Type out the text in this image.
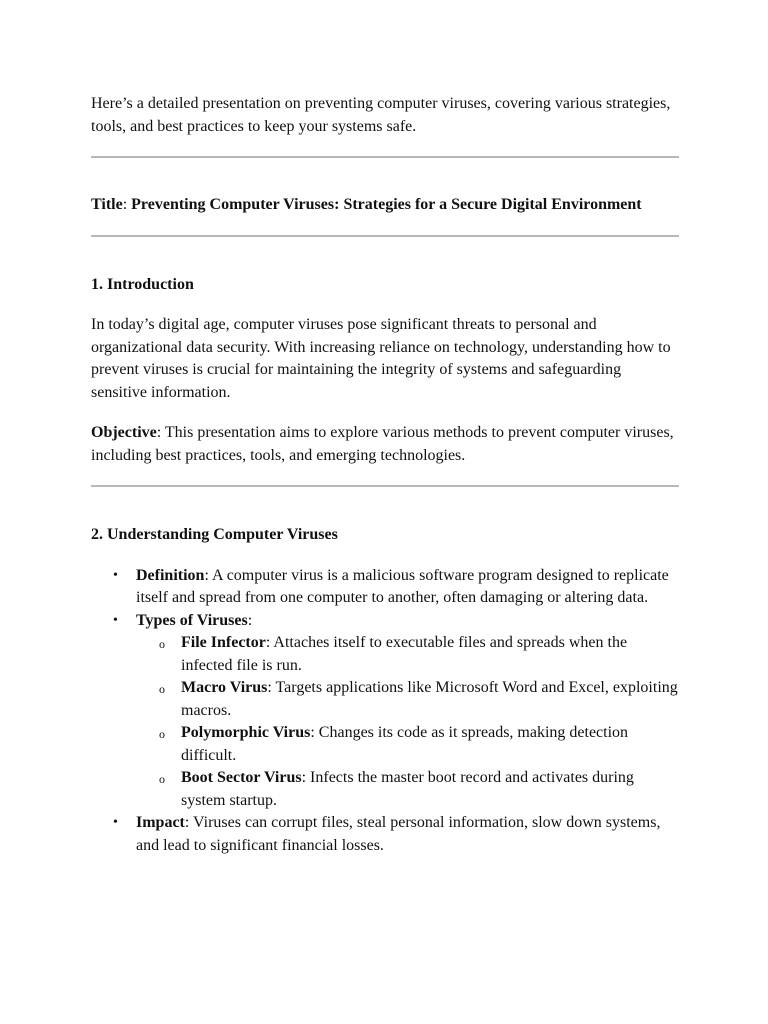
Here’s a detailed presentation on preventing computer viruses, covering various strategies, tools, and best practices to keep your systems safe.

Title: Preventing Computer Viruses: Strategies for a Secure Digital Environment

1. Introduction

In today’s digital age, computer viruses pose significant threats to personal and organizational data security. With increasing reliance on technology, understanding how to prevent viruses is crucial for maintaining the integrity of systems and safeguarding sensitive information.

Objective: This presentation aims to explore various methods to prevent computer viruses, including best practices, tools, and emerging technologies.

2. Understanding Computer Viruses
• Definition: A computer virus is a malicious software program designed to replicate itself and spread from one computer to another, often damaging or altering data.
• Types of Viruses:
o File Infector: Attaches itself to executable files and spreads when the infected file is run.
o Macro Virus: Targets applications like Microsoft Word and Excel, exploiting macros.
o Polymorphic Virus: Changes its code as it spreads, making detection difficult.
o Boot Sector Virus: Infects the master boot record and activates during system startup.
• Impact: Viruses can corrupt files, steal personal information, slow down systems, and lead to significant financial losses.
